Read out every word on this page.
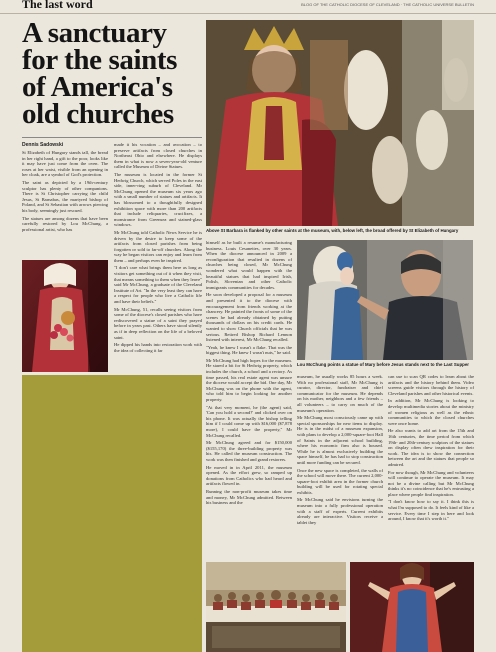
The last word	BLOG OF THE CATHOLIC DIOCESE OF CLEVELAND · THE CATHOLIC UNIVERSE BULLETIN
A sanctuary for the saints of America's old churches
Dennis Sadowski

St Elizabeth of Hungary stands tall, the bread in her right hand, a gift to the poor, looks like it may have just come from the oven. The roses at her waist, visible from an opening in her cloak, are a symbol of God's protection.

The saint as depicted by a 19th-century sculptor has plenty of other companions. There is St Christopher carrying the child Jesus, St Barnabas, the martyred bishop of Poland, and St Sebastian with arrows piercing his body, seemingly just rescued.

The statues are among dozens that have been carefully restored by Lou McChung, a professional artist, who has

made it his vocation – and avocation – to preserve artifacts from closed churches in Northeast Ohio and elsewhere. He displays them in what is now a seven-year-old venture called the Museum of Divine Statues.

The museum is located in the former St Hedwig Church, which served Poles in the east side, inner-ring suburb of Cleveland. Mr McChung opened the museum six years ago with a small number of statues and artifacts. It has blossomed to a thoughtfully designed exhibition space with more than 200 artifacts that include reliquaries, crucifixes, a monstrance from Greensea and stained-glass windows.

Mr McChung told Catholic News Service he is driven by the desire to keep some of the artifacts from closed parishes from being forgotten or sold to far-off churches. Along the way he began visitors can enjoy and learn from them – and perhaps even be inspired.

"I don't care what brings them here as long as visitors get something out of it when they visit, that means something to them when they leave" said Mr McChung, a graduate of the Cleveland Institute of Art. "In the very least they can have a respect for people who live a Catholic life and have their beliefs."

Mr McChung, 51, recalls seeing visitors from some of the diocese's closed parishes who have rediscovered a statue of a saint they prayed before in years past. Others have stood silently as if in deep reflection on the life of a beloved saint.

He dipped his hands into restoration work with the idea of collecting it far

Above St Barbara is flanked by other saints at the museum, with, below left, the broad offered by St Elizabeth of Hungary

himself as he built a resume's manufacturing business. Louis Cesanettes, over 30 years. When the diocese announced in 2009 a reconfiguration that resulted in dozens of churches being closed, Mr McChung wondered what would happen with the beautiful statues that had inspired Irish, Polish, Slovenian and other Catholic immigrants communities for decades.

He soon developed a proposal for a museum and presented it to the diocese with encouragement from friends working at the chancery. He painted the fronts of some of the scenes he had already obtained by putting thousands of dollars on his credit cards. He wanted to show Church officials that he was serious. Retired Bishop Richard Lennon listened with interest, Mr McChung recalled.

"Yeah, he knew I wasn't a flake. That was the biggest thing. He knew I wasn't nuts," he said.

Mr McChung had high hopes for the museum. He stared a bit for St Hedwig property, which includes the church, a school and a rectory. As time passed, his real estate agent was unsure the diocese would accept the bid. One day, Mr McChung was on the phone with the agent, who told him to begin looking for another property.

"At that very moment, he (the agent) said, 'Can you hold a second?' and clicked over on his phone. It was actually the bishop telling him if I could come up with $16,000 ($7,878 more), I could have the property," Mr McChung recalled.

Mr McChung agreed and for $150,000 ($155,170) the three-building property was his. He called the museum construction. The work was then finished and grand restorers.

He moved in in April 2011, the museum opened. As the effort grew, so ramped up donations from Catholics who had heard and artifacts flowed in.

Running the non-profit museum takes time and money, Mr McChung admitted. Between his business and the

Lou McChung points a statue of Mary before Jesus stands next to the Last Supper

museum, he usually works 85 hours a week. With no professional staff, Mr McChung is curator, director, fundraiser and chief communicator for the museum. He depends on his mother, neighbors and a few friends – all volunteers – to carry on much of the museum's operation.

Mr McChung most consciously came up with special sponsorships for new items to display. He is in the midst of a museum expansion, with plans to develop a 2,000-square-foot Hall of Saints in the adjacent school building, where his economic firm also is housed. While he is almost exclusively building the space himself, he has had to stop construction until more funding can be secured.

Once the new space is completed, the walls of the school will move there. The current 2,000-square-foot exhibit area in the former church building will be used for rotating special exhibits.

Mr McChung said he envisions turning the museum into a fully professional operation with a staff of experts. Current exhibits already are interactive. Visitors receive a tablet they

can use to scan QR codes to learn about the artifacts and the history behind them. Video screens guide visitors through the history of Cleveland parishes and other historical events.

In addition, Mr McChung is looking to develop multimedia stories about the ministry of women religious as well as the ethnic communities to which the closed churches were once home.

He also wants to add art from the 15th and 16th centuries, the time period from which 19th- and 20th-century sculptors of the statues on display often drew inspiration for their work. The idea is to show the connection between the art and the statues that people so admired.

For now though, Mr McChung and volunteers will continue to operate the museum. It may not be a divine calling but Mr McChung thinks it's no coincidence that he's entrusting a place where people find inspiration.

"I don't know how to say it. I think this is what I'm supposed to do. It feels kind of like a service. Every time I step in here and look around, I know that it's worth it."
